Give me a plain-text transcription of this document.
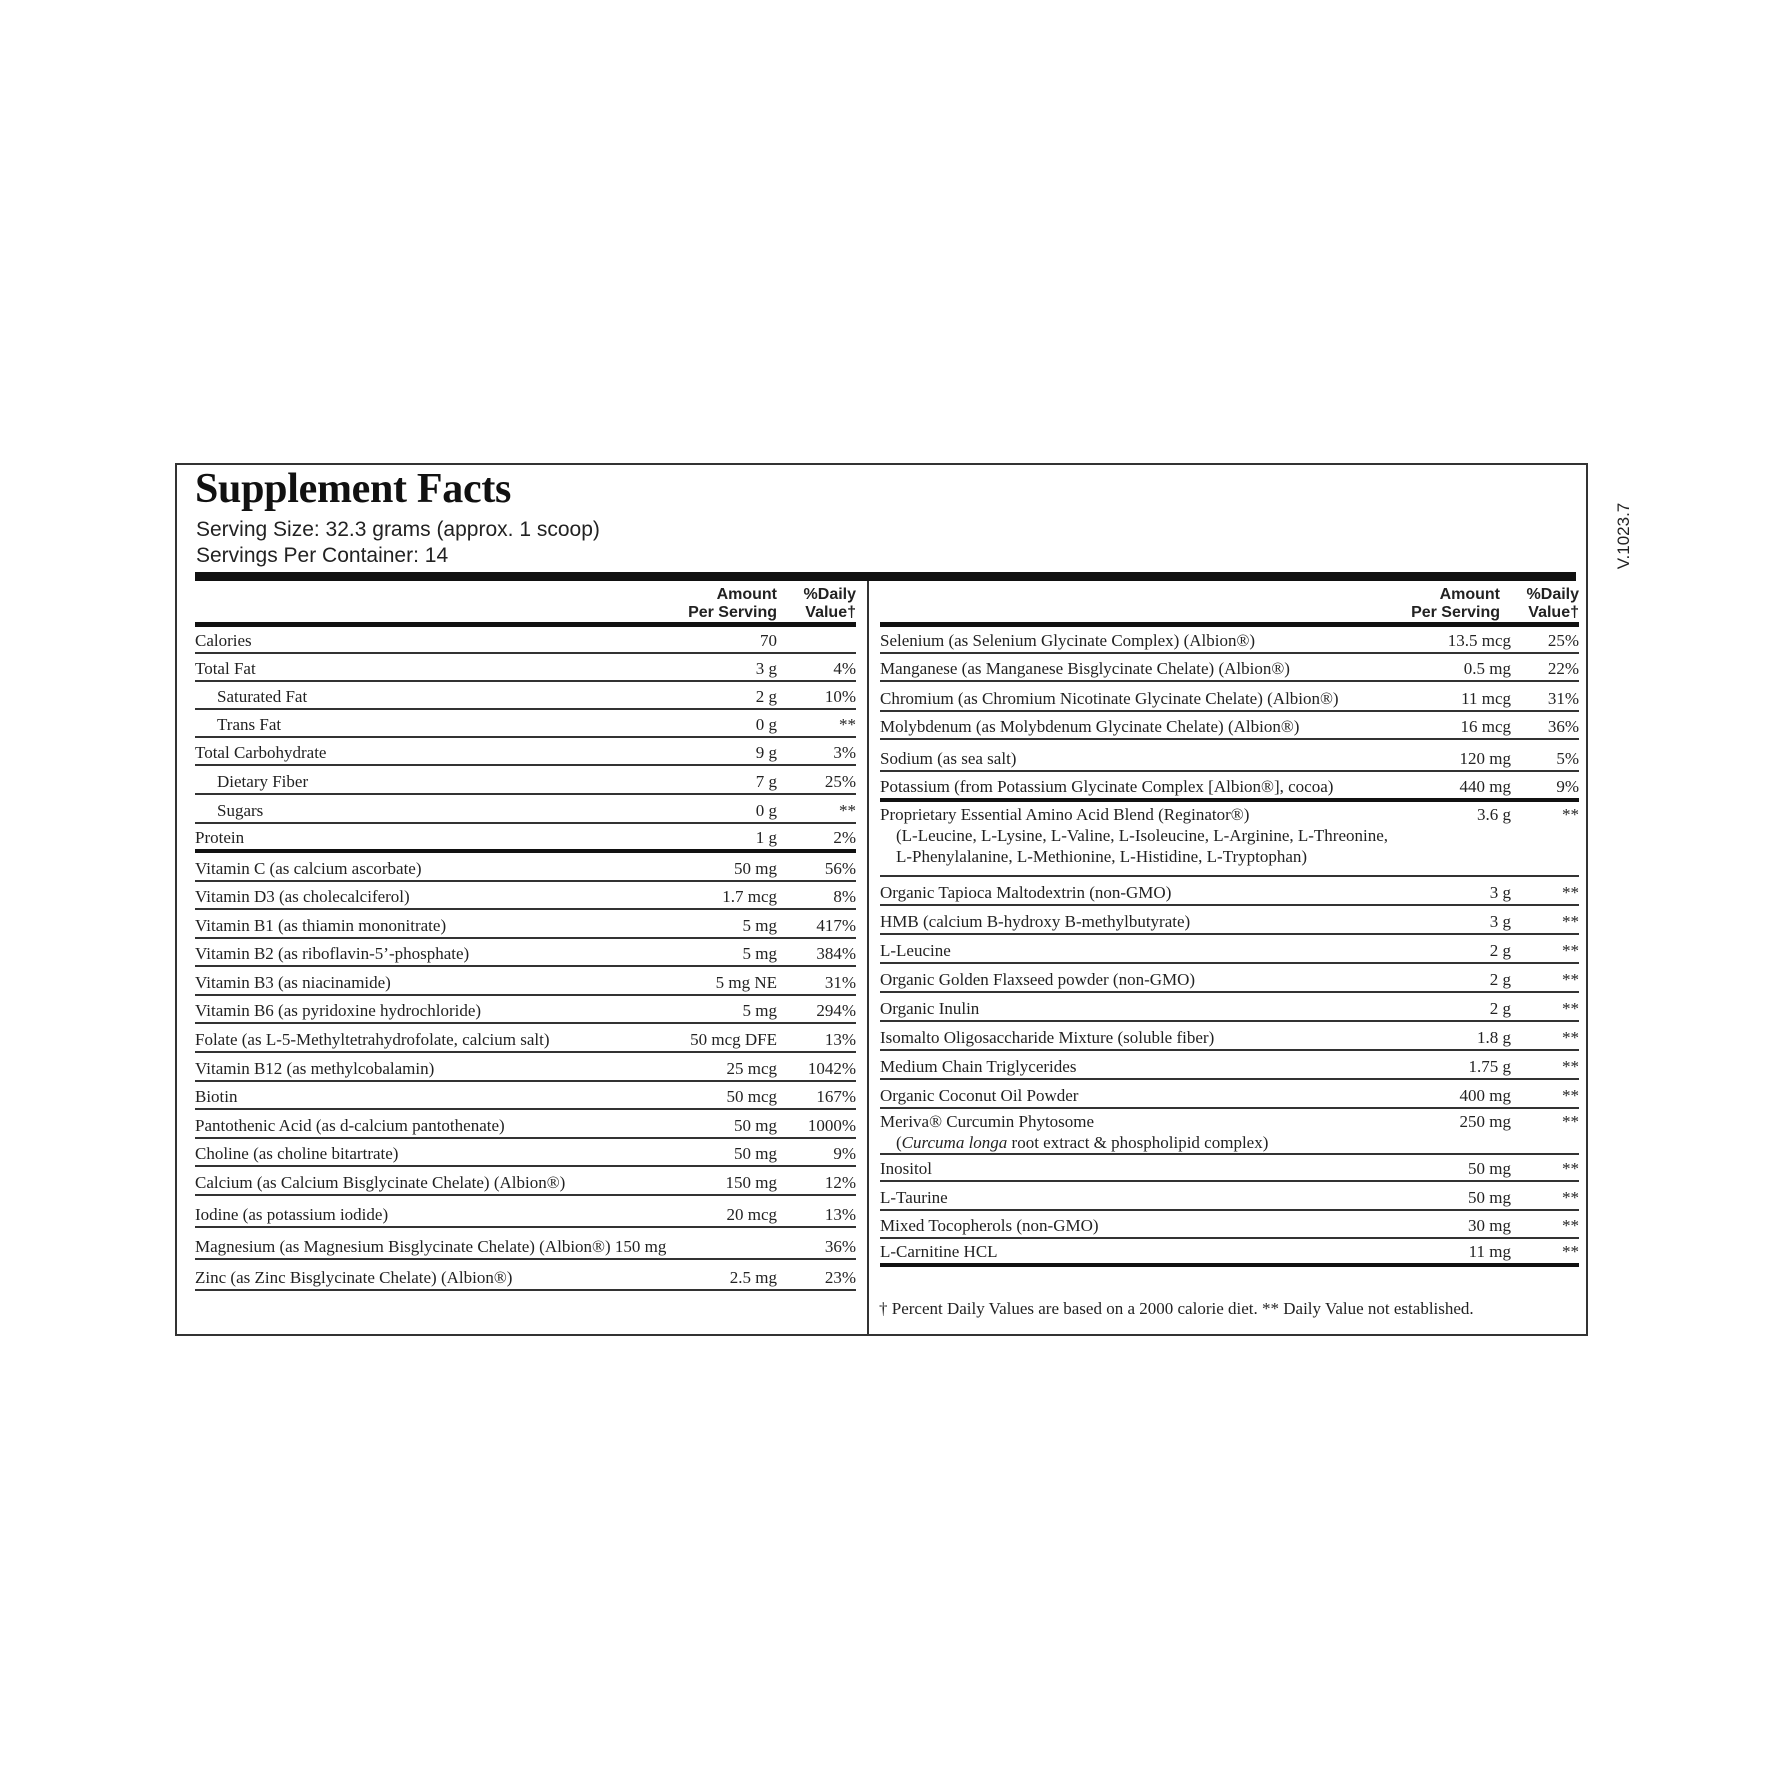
Supplement Facts
Serving Size: 32.3 grams (approx. 1 scoop)
Servings Per Container: 14
Amount
Per Serving
%Daily
Value†
Calories	70
Total Fat	3 g	4%
Saturated Fat	2 g	10%
Trans Fat	0 g	**
Total Carbohydrate	9 g	3%
Dietary Fiber	7 g	25%
Sugars	0 g	**
Protein	1 g	2%
Vitamin C (as calcium ascorbate)	50 mg	56%
Vitamin D3 (as cholecalciferol)	1.7 mcg	8%
Vitamin B1 (as thiamin mononitrate)	5 mg 417%
Vitamin B2 (as riboflavin-5’-phosphate)	5 mg 384%
Vitamin B3 (as niacinamide)	5 mg NE	31%
Vitamin B6 (as pyridoxine hydrochloride)	5 mg 294%
Folate (as L-5-Methyltetrahydrofolate, calcium salt)	50 mcg DFE	13%
Vitamin B12 (as methylcobalamin)	25 mcg 1042%
Biotin	50 mcg 167%
Pantothenic Acid (as d-calcium pantothenate)	50 mg 1000%
Choline (as choline bitartrate)	50 mg	9%
Calcium (as Calcium Bisglycinate Chelate) (Albion®)	150 mg	12%
Iodine (as potassium iodide)	20 mcg	13%
Magnesium (as Magnesium Bisglycinate Chelate) (Albion®) 150 mg	36%
Zinc (as Zinc Bisglycinate Chelate) (Albion®)	2.5 mg	23%
Amount
Per Serving
%Daily
Value†
Selenium (as Selenium Glycinate Complex) (Albion®)	13.5 mcg 25%
Manganese (as Manganese Bisglycinate Chelate) (Albion®)	0.5 mg 22%
Chromium (as Chromium Nicotinate Glycinate Chelate) (Albion®)	11 mcg 31%
Molybdenum (as Molybdenum Glycinate Chelate) (Albion®)	16 mcg 36%
Sodium (as sea salt)	120 mg	5%
Potassium (from Potassium Glycinate Complex [Albion®], cocoa)	440 mg	9%
Proprietary Essential Amino Acid Blend (Reginator®)
(L-Leucine, L-Lysine, L-Valine, L-Isoleucine, L-Arginine, L-Threonine,
L-Phenylalanine, L-Methionine, L-Histidine, L-Tryptophan)
3.6 g	**
Organic Tapioca Maltodextrin (non-GMO)	3 g	**
HMB (calcium B-hydroxy B-methylbutyrate)	3 g	**
L-Leucine	2 g	**
Organic Golden Flaxseed powder (non-GMO)	2 g	**
Organic Inulin	2 g	**
Isomalto Oligosaccharide Mixture (soluble fiber)	1.8 g	**
Medium Chain Triglycerides	1.75 g	**
Organic Coconut Oil Powder	400 mg	**
Meriva® Curcumin Phytosome
(Curcuma longa root extract & phospholipid complex)
250 mg	**
Inositol	50 mg	**
L-Taurine	50 mg	**
Mixed Tocopherols (non-GMO)	30 mg	**
L-Carnitine HCL	11 mg	**
† Percent Daily Values are based on a 2000 calorie diet. ** Daily Value not established.
V.1023.7
